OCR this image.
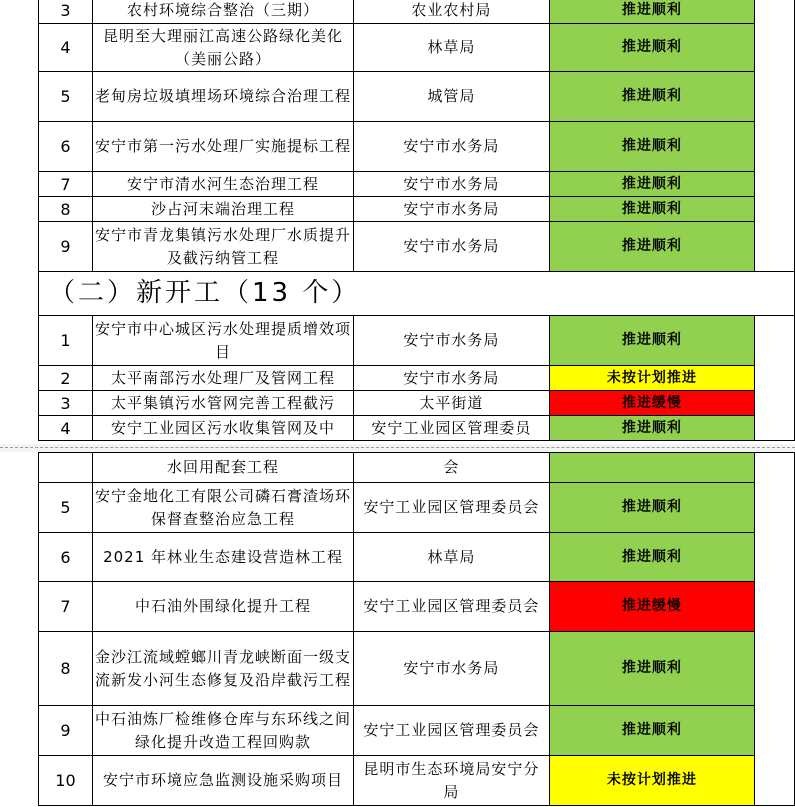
3	农村环境综合整治（三期）	农业农村局	推进顺利	
4	昆明至大理丽江高速公路绿化美化（美丽公路）	林草局	推进顺利	
5	老甸房垃圾填埋场环境综合治理工程	城管局	推进顺利	
6	安宁市第一污水处理厂实施提标工程	安宁市水务局	推进顺利	
7	安宁市清水河生态治理工程	安宁市水务局	推进顺利	
8	沙占河末端治理工程	安宁市水务局	推进顺利	
9	安宁市青龙集镇污水处理厂水质提升及截污纳管工程	安宁市水务局	推进顺利	
（二）新开工（13 个）				
1	安宁市中心城区污水处理提质增效项目	安宁市水务局	推进顺利	
2	太平南部污水处理厂及管网工程	安宁市水务局	未按计划推进	
3	太平集镇污水管网完善工程截污	太平街道	推进缓慢	
4	安宁工业园区污水收集管网及中	安宁工业园区管理委员	推进顺利	
	水回用配套工程	会		
5	安宁金地化工有限公司磷石膏渣场环保督查整治应急工程	安宁工业园区管理委员会	推进顺利	
6	2021 年林业生态建设营造林工程	林草局	推进顺利	
7	中石油外围绿化提升工程	安宁工业园区管理委员会	推进缓慢	
8	金沙江流域螳螂川青龙峡断面一级支流新发小河生态修复及沿岸截污工程	安宁市水务局	推进顺利	
9	中石油炼厂检维修仓库与东环线之间绿化提升改造工程回购款	安宁工业园区管理委员会	推进顺利	
10	安宁市环境应急监测设施采购项目	昆明市生态环境局安宁分局	未按计划推进	
